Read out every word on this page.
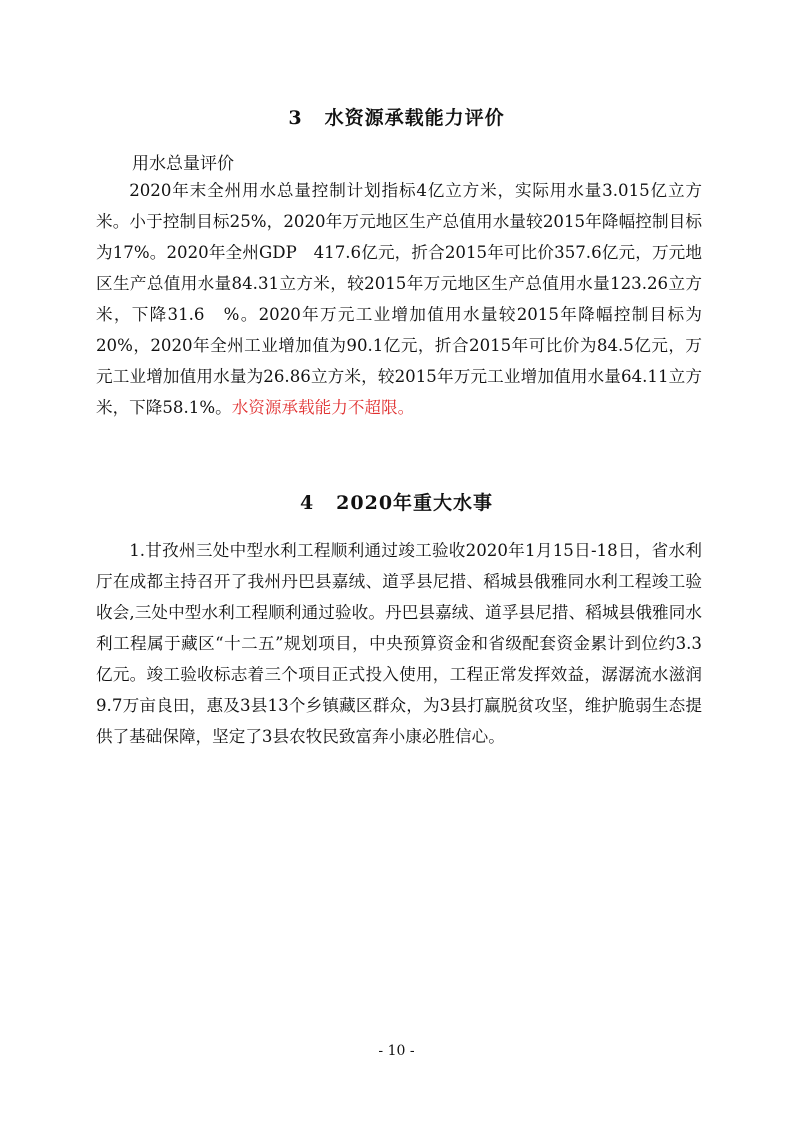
3 水资源承载能力评价
用水总量评价

2020年末全州用水总量控制计划指标4亿立方米，实际用水量3.015亿立方米。小于控制目标25%，2020年万元地区生产总值用水量较2015年降幅控制目标为17%。2020年全州GDP　417.6亿元，折合2015年可比价357.6亿元，万元地区生产总值用水量84.31立方米，较2015年万元地区生产总值用水量123.26立方米，下降31.6　%。2020年万元工业增加值用水量较2015年降幅控制目标为20%，2020年全州工业增加值为90.1亿元，折合2015年可比价为84.5亿元，万元工业增加值用水量为26.86立方米，较2015年万元工业增加值用水量64.11立方米，下降58.1%。水资源承载能力不超限。

4 2020年重大水事

1.甘孜州三处中型水利工程顺利通过竣工验收2020年1月15日-18日，省水利厅在成都主持召开了我州丹巴县嘉绒、道孚县尼措、稻城县俄雅同水利工程竣工验收会,三处中型水利工程顺利通过验收。丹巴县嘉绒、道孚县尼措、稻城县俄雅同水利工程属于藏区“十二五”规划项目，中央预算资金和省级配套资金累计到位约3.3亿元。竣工验收标志着三个项目正式投入使用，工程正常发挥效益，潺潺流水滋润9.7万亩良田，惠及3县13个乡镇藏区群众，为3县打赢脱贫攻坚，维护脆弱生态提供了基础保障，坚定了3县农牧民致富奔小康必胜信心。

- 10 -
